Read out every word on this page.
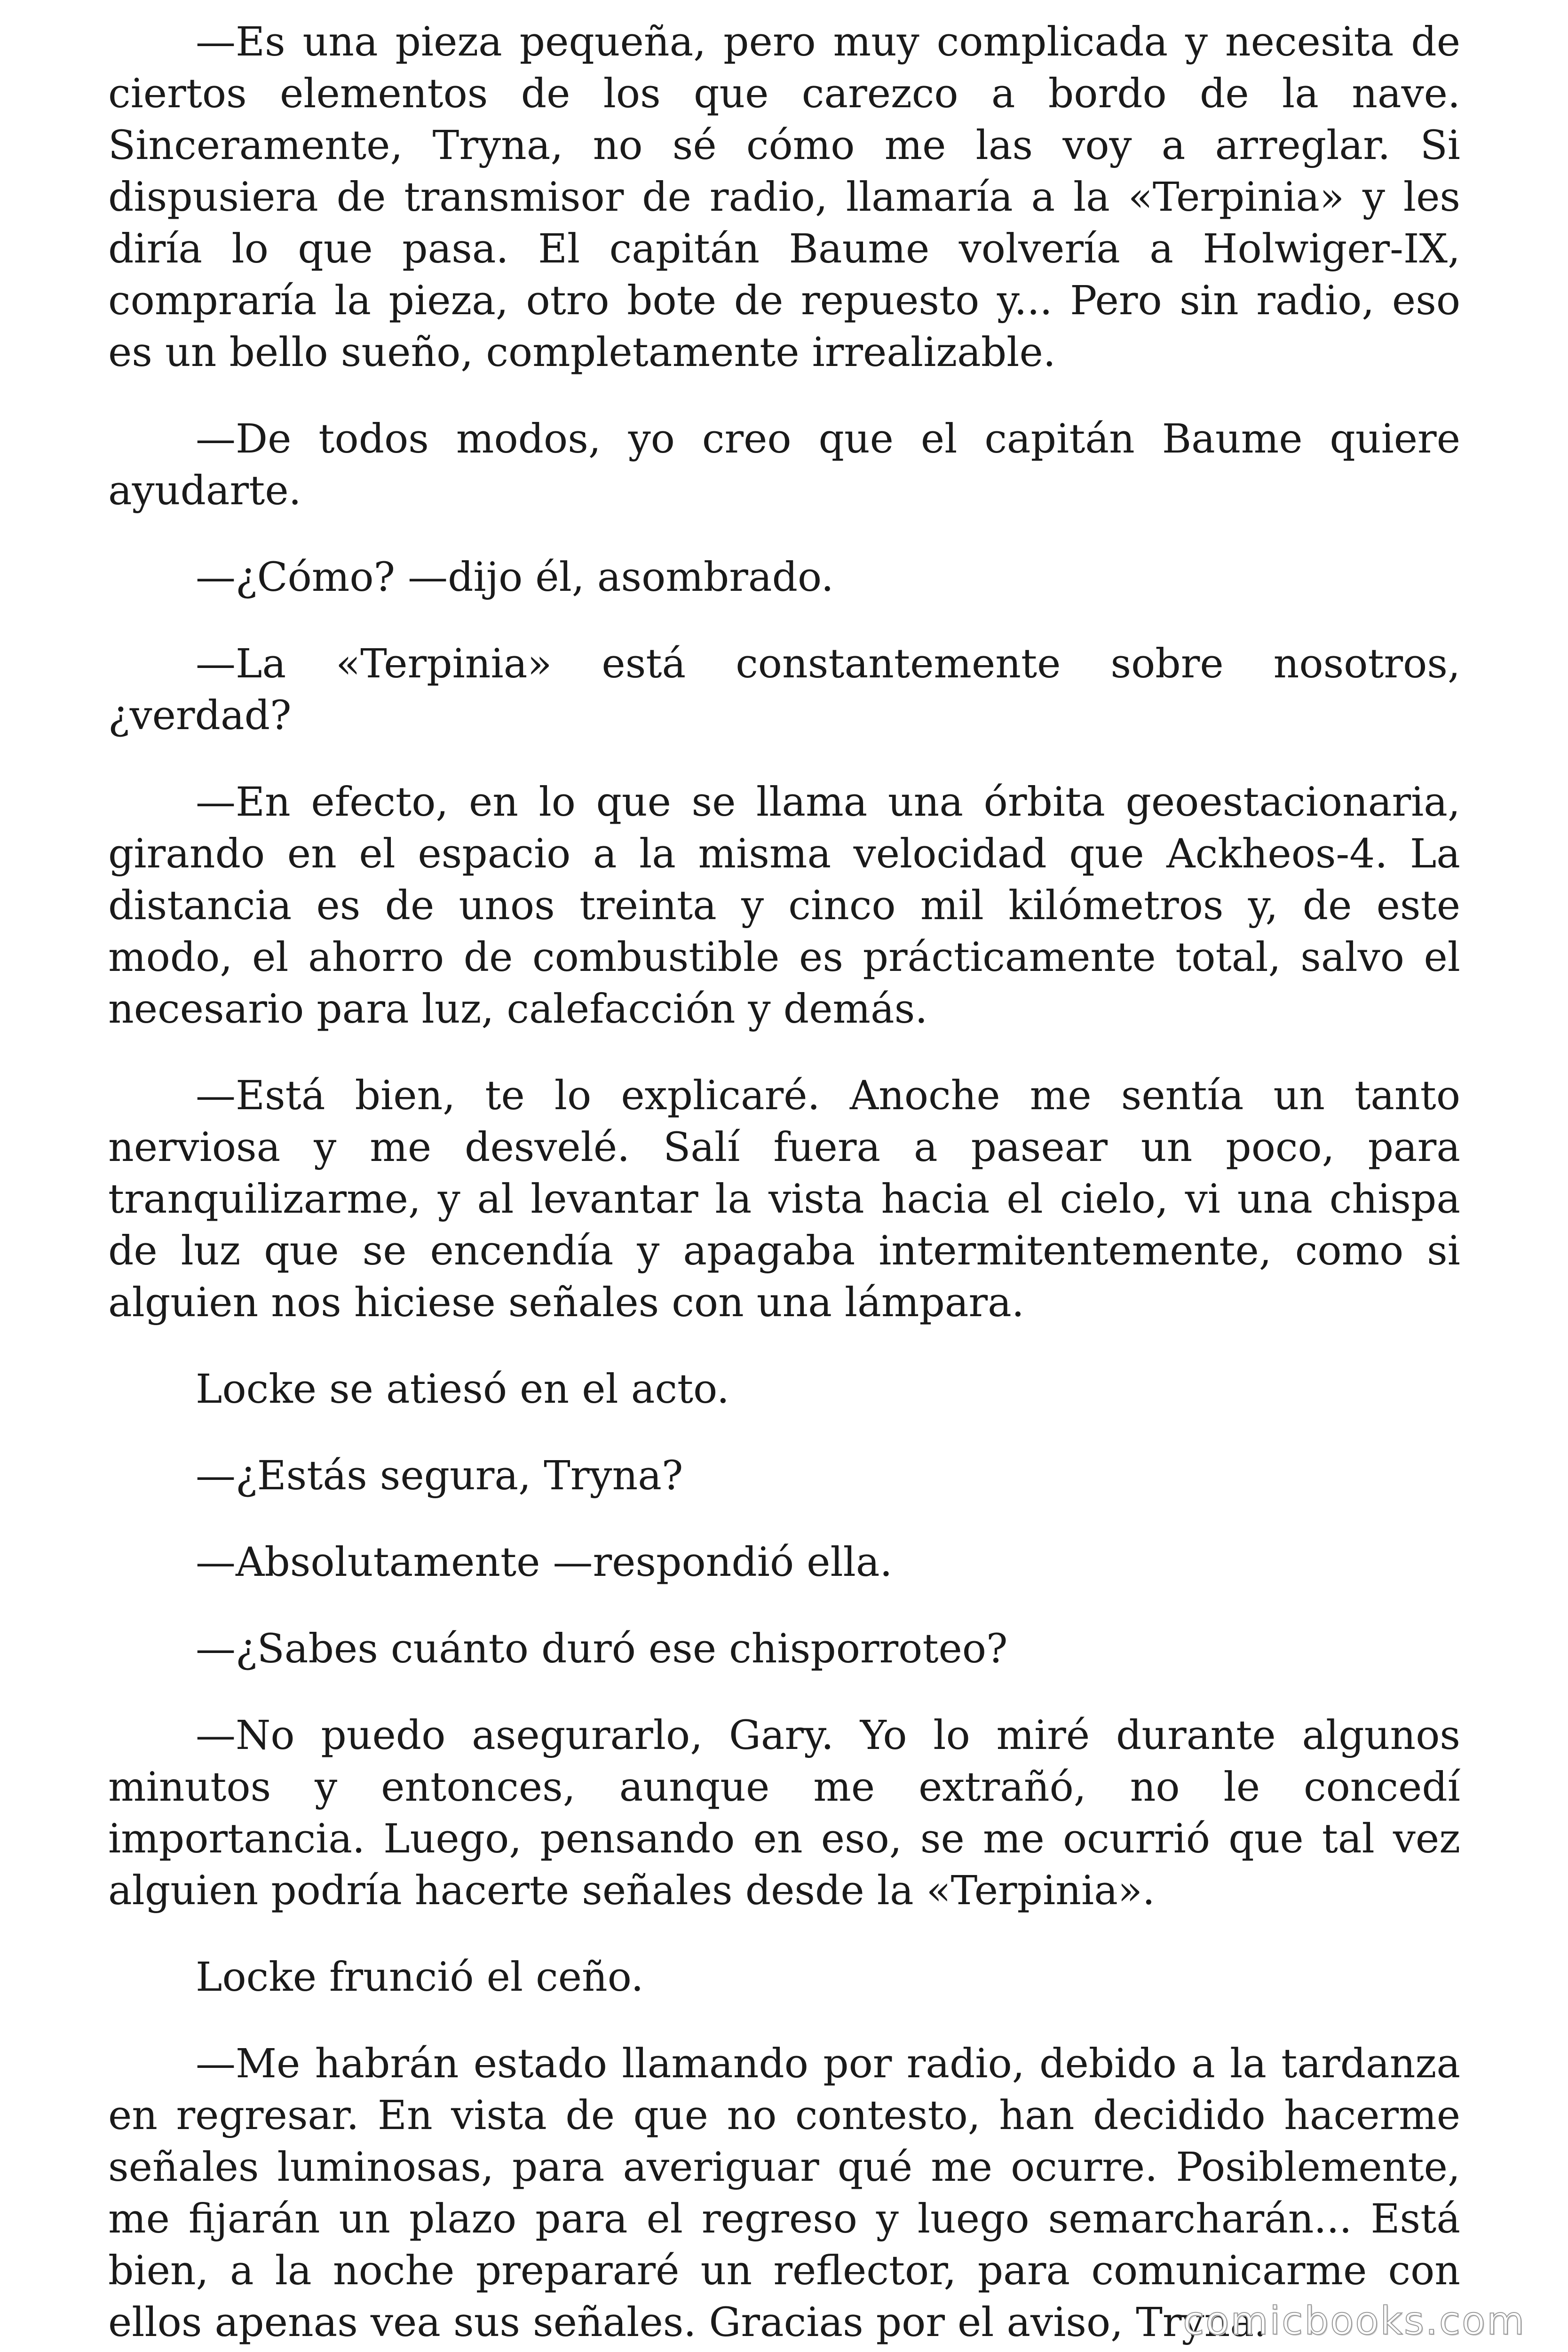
—Es una pieza pequeña, pero muy complicada y necesita de ciertos elementos de los que carezco a bordo de la nave. Sinceramente, Tryna, no sé cómo me las voy a arreglar. Si dispusiera de transmisor de radio, llamaría a la «Terpinia» y les diría lo que pasa. El capitán Baume volvería a Holwiger-IX, compraría la pieza, otro bote de repuesto y... Pero sin radio, eso es un bello sueño, completamente irrealizable.

—De todos modos, yo creo que el capitán Baume quiere ayudarte.

—¿Cómo? —dijo él, asombrado.

—La «Terpinia» está constantemente sobre nosotros, ¿verdad?

—En efecto, en lo que se llama una órbita geoestacionaria, girando en el espacio a la misma velocidad que Ackheos-4. La distancia es de unos treinta y cinco mil kilómetros y, de este modo, el ahorro de combustible es prácticamente total, salvo el necesario para luz, calefacción y demás.

—Está bien, te lo explicaré. Anoche me sentía un tanto nerviosa y me desvelé. Salí fuera a pasear un poco, para tranquilizarme, y al levantar la vista hacia el cielo, vi una chispa de luz que se encendía y apagaba intermitentemente, como si alguien nos hiciese señales con una lámpara.

Locke se atiesó en el acto.

—¿Estás segura, Tryna?

—Absolutamente —respondió ella.

—¿Sabes cuánto duró ese chisporroteo?

—No puedo asegurarlo, Gary. Yo lo miré durante algunos minutos y entonces, aunque me extrañó, no le concedí importancia. Luego, pensando en eso, se me ocurrió que tal vez alguien podría hacerte señales desde la «Terpinia».

Locke frunció el ceño.

—Me habrán estado llamando por radio, debido a la tardanza en regresar. En vista de que no contesto, han decidido hacerme señales luminosas, para averiguar qué me ocurre. Posiblemente, me fijarán un plazo para el regreso y luego semarcharán... Está bien, a la noche prepararé un reflector, para comunicarme con ellos apenas vea sus señales. Gracias por el aviso, Tryna.

comicbooks.com
